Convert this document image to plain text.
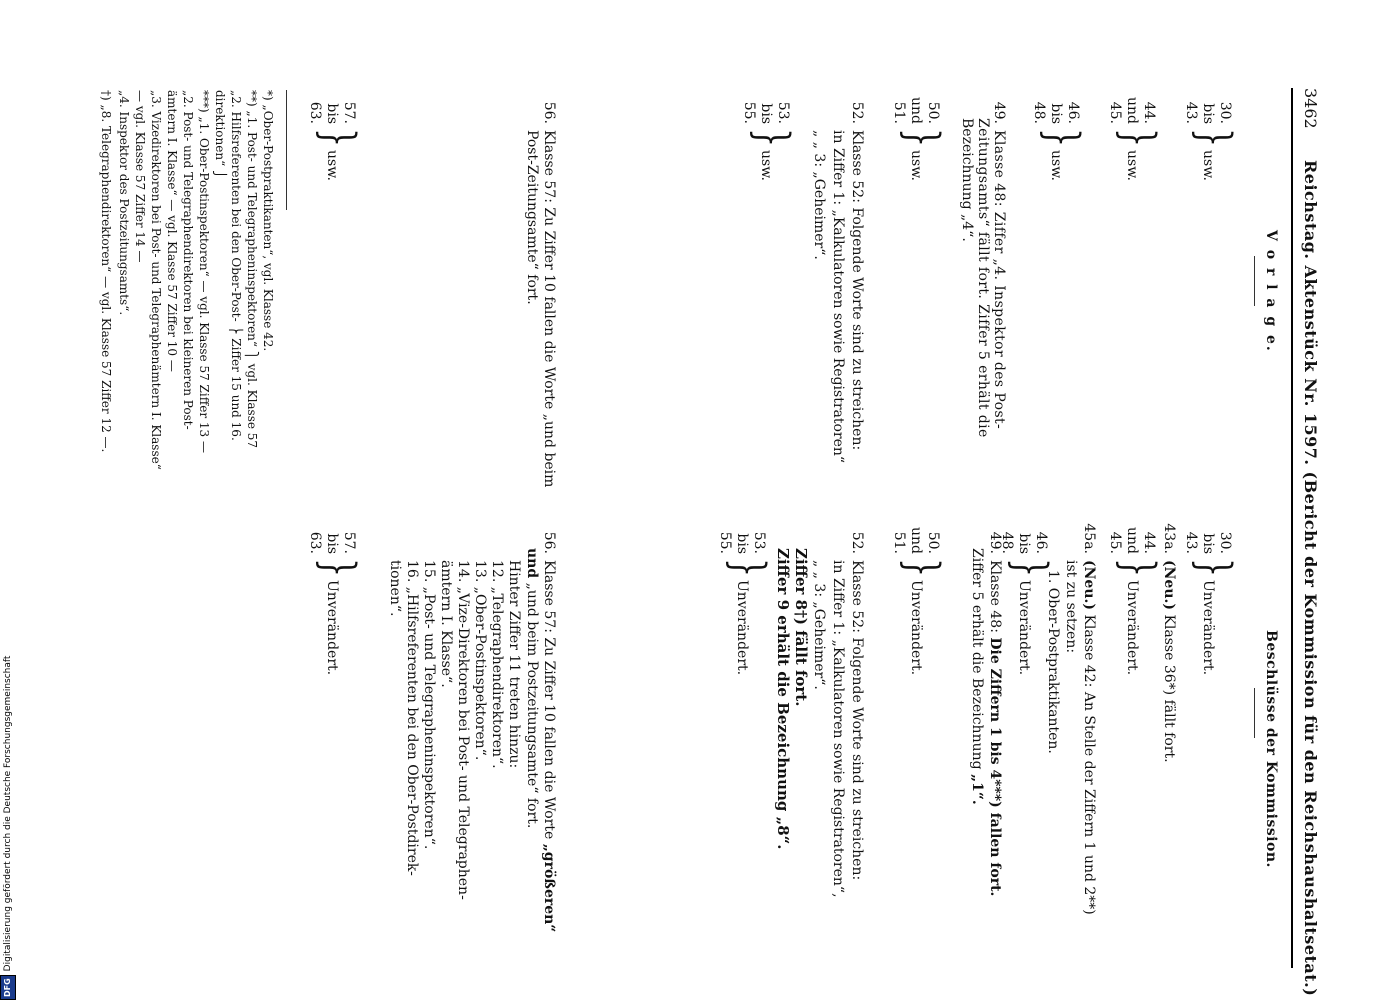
3462
Reichstag. Aktenstück Nr. 1597. (Bericht der Kommission für den Reichshaushaltsetat.)
V o r l a g e.
30.
bis
43.
}
usw.
44.
und
45.
}
usw.
46.
bis
48.
}
usw.
49.
Klasse 48: Ziffer „4. Inspektor des Post-
Zeitungsamts“ fällt fort. Ziffer 5 erhält die
Bezeichnung „4“.
50.
und
51.
}
usw.
52.
Klasse 52: Folgende Worte sind zu streichen:
in Ziffer 1: „Kalkulatoren sowie Registratoren“
„ „ 3: „Geheimer“.
53.
bis
55.
}
usw.
56.
Klasse 57: Zu Ziffer 10 fallen die Worte „und beim
Post-Zeitungsamte“ fort.
57.
bis
63.
}
usw.
Beschlüsse der Kommission.
30.
bis
43.
}
Unverändert.
43a.
(Neu.) Klasse 36*) fällt fort.
44.
und
45.
}
Unverändert.
45a.
(Neu.) Klasse 42: An Stelle der Ziffern 1 und 2**)
ist zu setzen:
1. Ober-Postpraktikanten.
46.
bis
48.
}
Unverändert.
49.
Klasse 48: Die Ziffern 1 bis 4***) fallen fort.
Ziffer 5 erhält die Bezeichnung „1“.
50.
und
51.
}
Unverändert.
52.
Klasse 52: Folgende Worte sind zu streichen:
in Ziffer 1: „Kalkulatoren sowie Registratoren“,
„ „ 3: „Geheimer“.
Ziffer 8†) fällt fort.
Ziffer 9 erhält die Bezeichnung „8“.
53.
bis
55.
}
Unverändert.
56.
Klasse 57: Zu Ziffer 10 fallen die Worte „größeren“
und „und beim Postzeitungsamte“ fort.
Hinter Ziffer 11 treten hinzu:
12. „Telegraphendirektoren“.
13. „Ober-Postinspektoren“.
14. „Vize-Direktoren bei Post- und Telegraphen-
ämtern I. Klasse“.
15. „Post- und Telegrapheninspektoren“.
16. „Hilfsreferenten bei den Ober-Postdirek-
tionen“.
57.
bis
63.
}
Unverändert.
*) „Ober-Postpraktikanten“, vgl. Klasse 42.
**) „1. Post- und Telegrapheninspektoren“ ⎫ vgl. Klasse 57
„2. Hilfsreferenten bei den Ober-Post- ⎬ Ziffer 15 und 16.
direktionen“ ⎭
***) „1. Ober-Postinspektoren“ — vgl. Klasse 57 Ziffer 13 —
„2. Post- und Telegraphendirektoren bei kleineren Post-
ämtern I. Klasse“ — vgl. Klasse 57 Ziffer 10 —
„3. Vizedirektoren bei Post- und Telegraphenämtern I. Klasse“
— vgl. Klasse 57 Ziffer 14 —
„4. Inspektor des Postzeitungsamts“.
†) „8. Telegraphendirektoren“ — vgl. Klasse 57 Ziffer 12 —.
DFGDigitalisierung gefördert durch die Deutsche Forschungsgemeinschaft
